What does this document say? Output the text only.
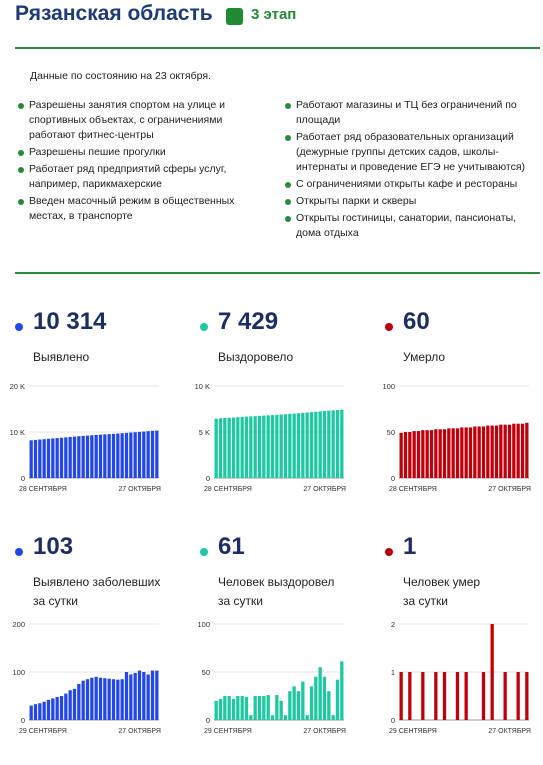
Рязанская область	3 этап
Данные по состоянию на 23 октября.
Разрешены занятия спортом на улице и спортивных объектах, с ограничениями работают фитнес-центры
Разрешены пешие прогулки
Работает ряд предприятий сферы услуг, например, парикмахерские
Введен масочный режим в общественных местах, в транспорте
Работают магазины и ТЦ без ограничений по площади
Работает ряд образовательных организаций (дежурные группы детских садов, школы-интернаты и проведение ЕГЭ не учитываются)
С ограничениями открыты кафе и рестораны
Открыты парки и скверы
Открыты гостиницы, санатории, пансионаты, дома отдыха
10 314
Выявлено
0
10 K
20 K
28 СЕНТЯБРЯ	27 ОКТЯБРЯ
7 429
Выздоровело
0
5 K
10 K
28 СЕНТЯБРЯ	27 ОКТЯБРЯ
60
Умерло
0
50
100
28 СЕНТЯБРЯ	27 ОКТЯБРЯ
103
Выявлено заболевших
за сутки
0
100
200
29 СЕНТЯБРЯ	27 ОКТЯБРЯ
61
Человек выздоровел
за сутки
0
50
100
29 СЕНТЯБРЯ	27 ОКТЯБРЯ
1
Человек умер
за сутки
0
1
2
29 СЕНТЯБРЯ	27 ОКТЯБРЯ
